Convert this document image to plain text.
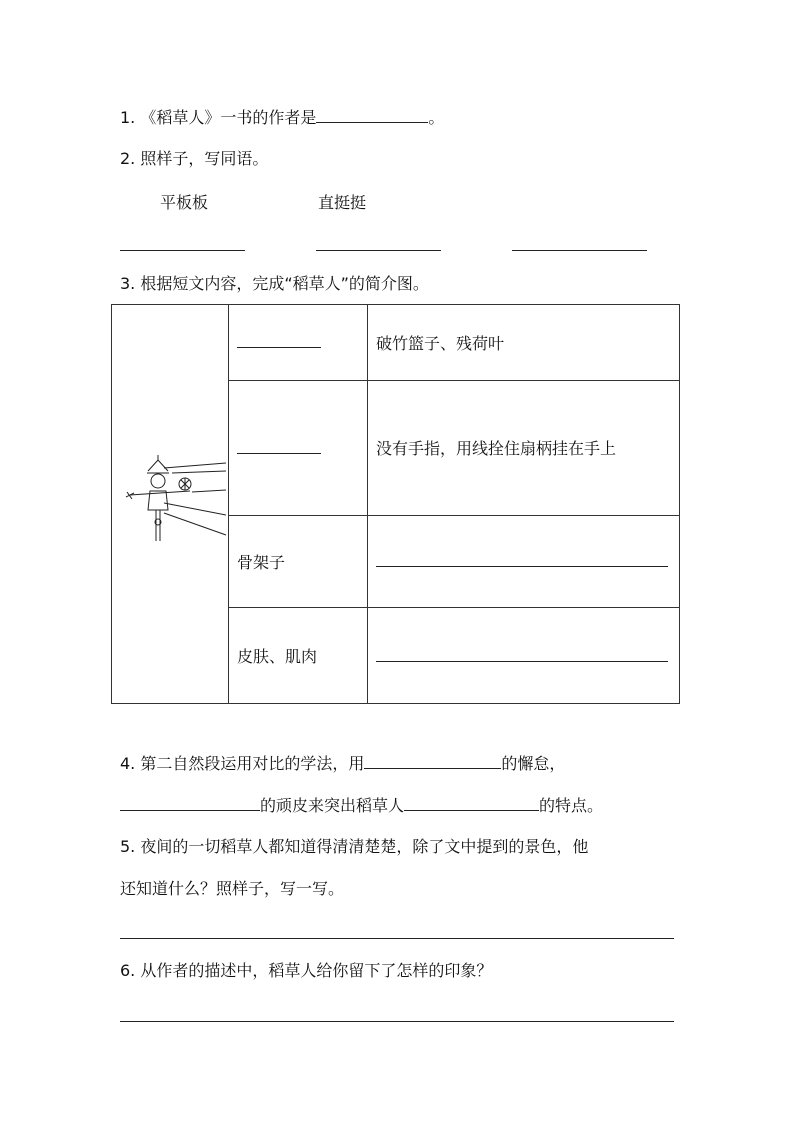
1. 《稻草人》一书的作者是	。
2. 照样子，写同语。
平板板	直挺挺
3. 根据短文内容，完成“稻草人”的简介图。
		破竹篮子、残荷叶
		没有手指，用线拴住扇柄挂在手上
	骨架子	
	皮肤、肌肉	
4. 第二自然段运用对比的学法，用	的懈怠，
的顽皮来突出稻草人	的特点。
5. 夜间的一切稻草人都知道得清清楚楚，除了文中提到的景色，他
还知道什么？照样子，写一写。
6. 从作者的描述中，稻草人给你留下了怎样的印象？
